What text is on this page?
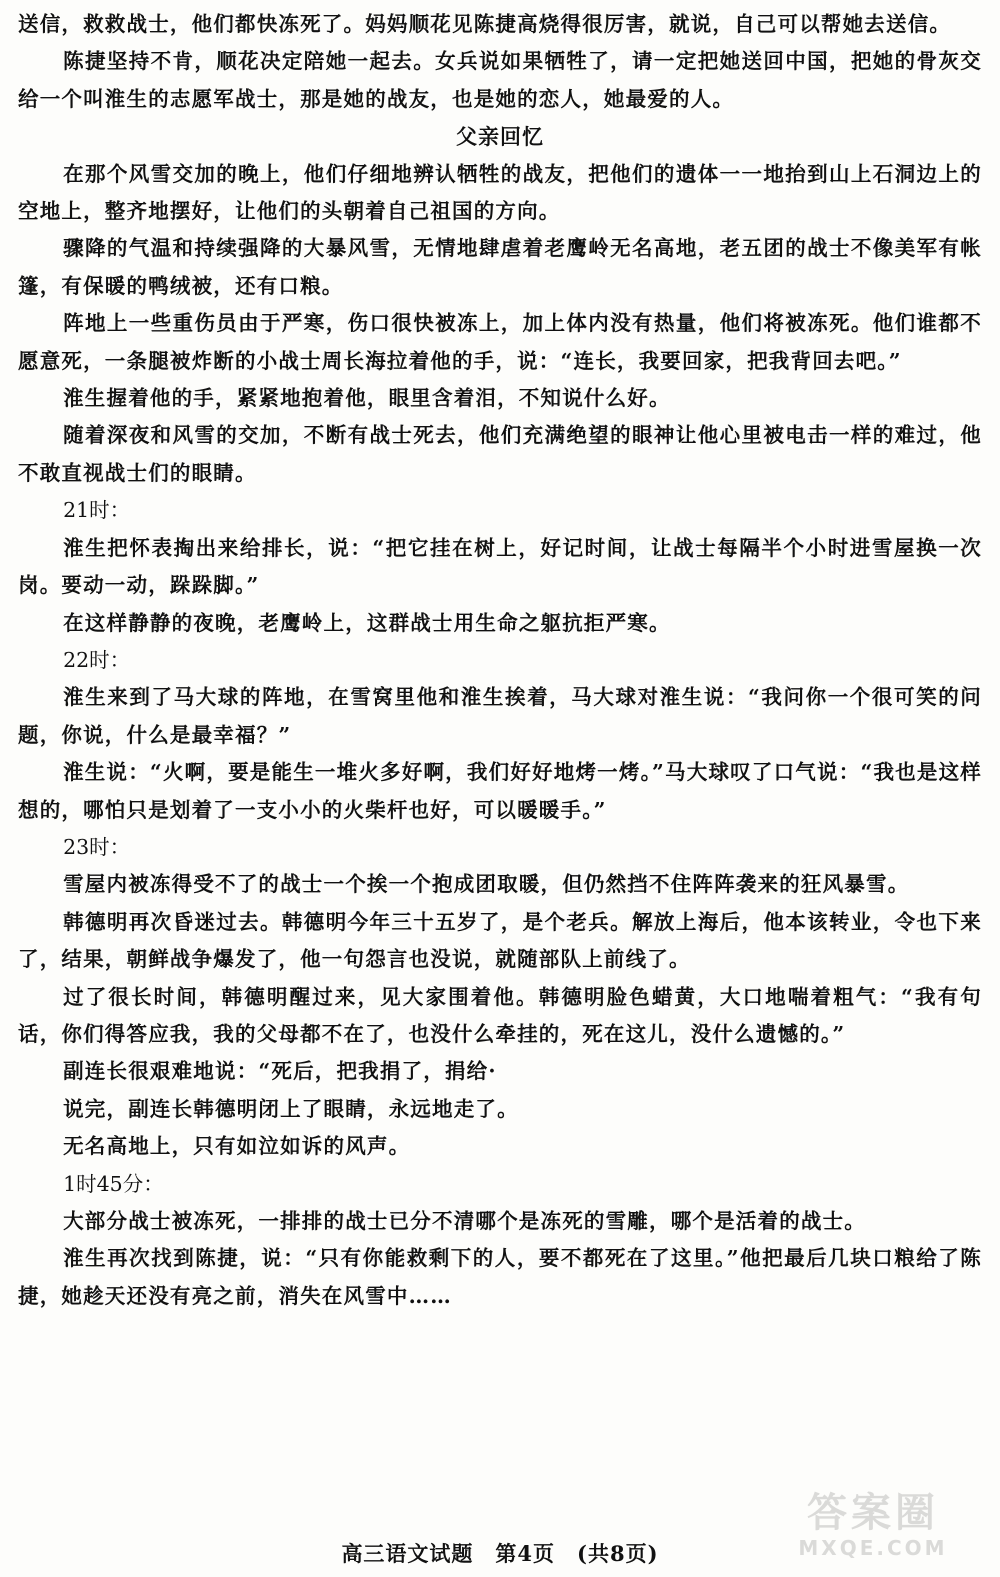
送信，救救战士，他们都快冻死了。妈妈顺花见陈捷高烧得很厉害，就说，自己可以帮她去送信。

陈捷坚持不肯，顺花决定陪她一起去。女兵说如果牺牲了，请一定把她送回中国，把她的骨灰交给一个叫淮生的志愿军战士，那是她的战友，也是她的恋人，她最爱的人。

父亲回忆

在那个风雪交加的晚上，他们仔细地辨认牺牲的战友，把他们的遗体一一地抬到山上石洞边上的空地上，整齐地摆好，让他们的头朝着自己祖国的方向。

骤降的气温和持续强降的大暴风雪，无情地肆虐着老鹰岭无名高地，老五团的战士不像美军有帐篷，有保暖的鸭绒被，还有口粮。

阵地上一些重伤员由于严寒，伤口很快被冻上，加上体内没有热量，他们将被冻死。他们谁都不愿意死，一条腿被炸断的小战士周长海拉着他的手，说：“连长，我要回家，把我背回去吧。”

淮生握着他的手，紧紧地抱着他，眼里含着泪，不知说什么好。

随着深夜和风雪的交加，不断有战士死去，他们充满绝望的眼神让他心里被电击一样的难过，他不敢直视战士们的眼睛。

21时：

淮生把怀表掏出来给排长，说：“把它挂在树上，好记时间，让战士每隔半个小时进雪屋换一次岗。要动一动，跺跺脚。”

在这样静静的夜晚，老鹰岭上，这群战士用生命之躯抗拒严寒。

22时：

淮生来到了马大球的阵地，在雪窝里他和淮生挨着，马大球对淮生说：“我问你一个很可笑的问题，你说，什么是最幸福？”

淮生说：“火啊，要是能生一堆火多好啊，我们好好地烤一烤。”马大球叹了口气说：“我也是这样想的，哪怕只是划着了一支小小的火柴杆也好，可以暖暖手。”

23时：

雪屋内被冻得受不了的战士一个挨一个抱成团取暖，但仍然挡不住阵阵袭来的狂风暴雪。

韩德明再次昏迷过去。韩德明今年三十五岁了，是个老兵。解放上海后，他本该转业，令也下来了，结果，朝鲜战争爆发了，他一句怨言也没说，就随部队上前线了。

过了很长时间，韩德明醒过来，见大家围着他。韩德明脸色蜡黄，大口地喘着粗气：“我有句话，你们得答应我，我的父母都不在了，也没什么牵挂的，死在这儿，没什么遗憾的。”

副连长很艰难地说：“死后，把我捐了，捐给·

说完，副连长韩德明闭上了眼睛，永远地走了。

无名高地上，只有如泣如诉的风声。

1时45分：

大部分战士被冻死，一排排的战士已分不清哪个是冻死的雪雕，哪个是活着的战士。

淮生再次找到陈捷，说：“只有你能救剩下的人，要不都死在了这里。”他把最后几块口粮给了陈捷，她趁天还没有亮之前，消失在风雪中……

高三语文试题　第4页　(共8页)
答案圈
MXQE.COM
